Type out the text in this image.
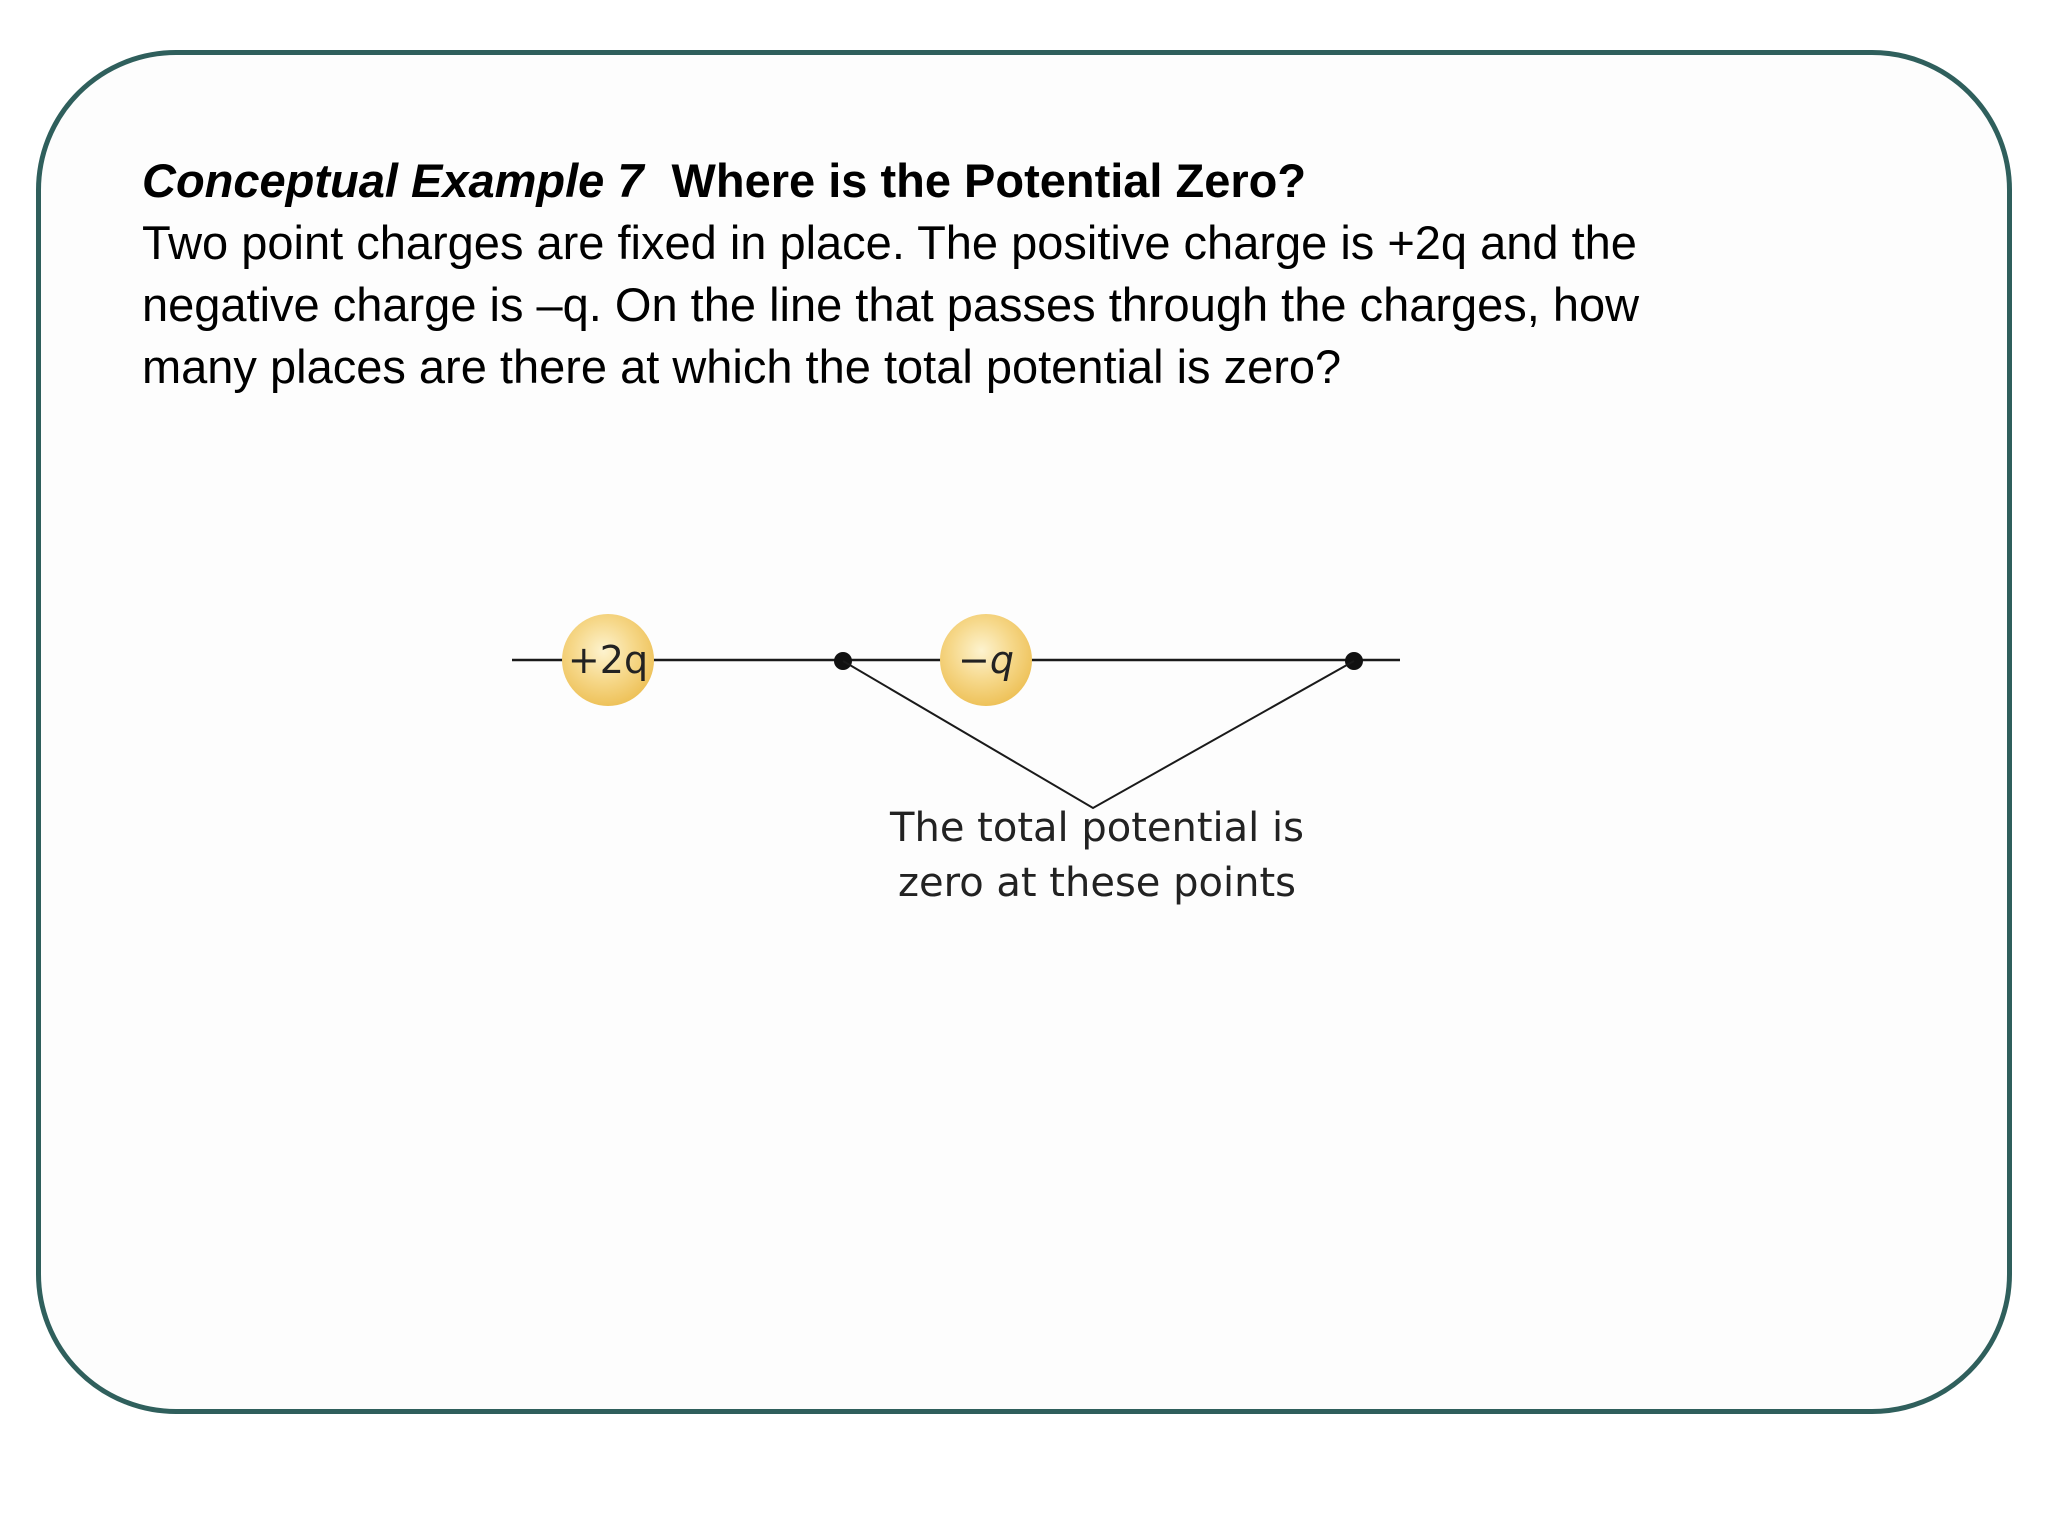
Conceptual Example 7 Where is the Potential Zero?
Two point charges are fixed in place. The positive charge is +2q and the
negative charge is –q. On the line that passes through the charges, how
many places are there at which the total potential is zero?
+2q	−q
The total potential is
zero at these points
